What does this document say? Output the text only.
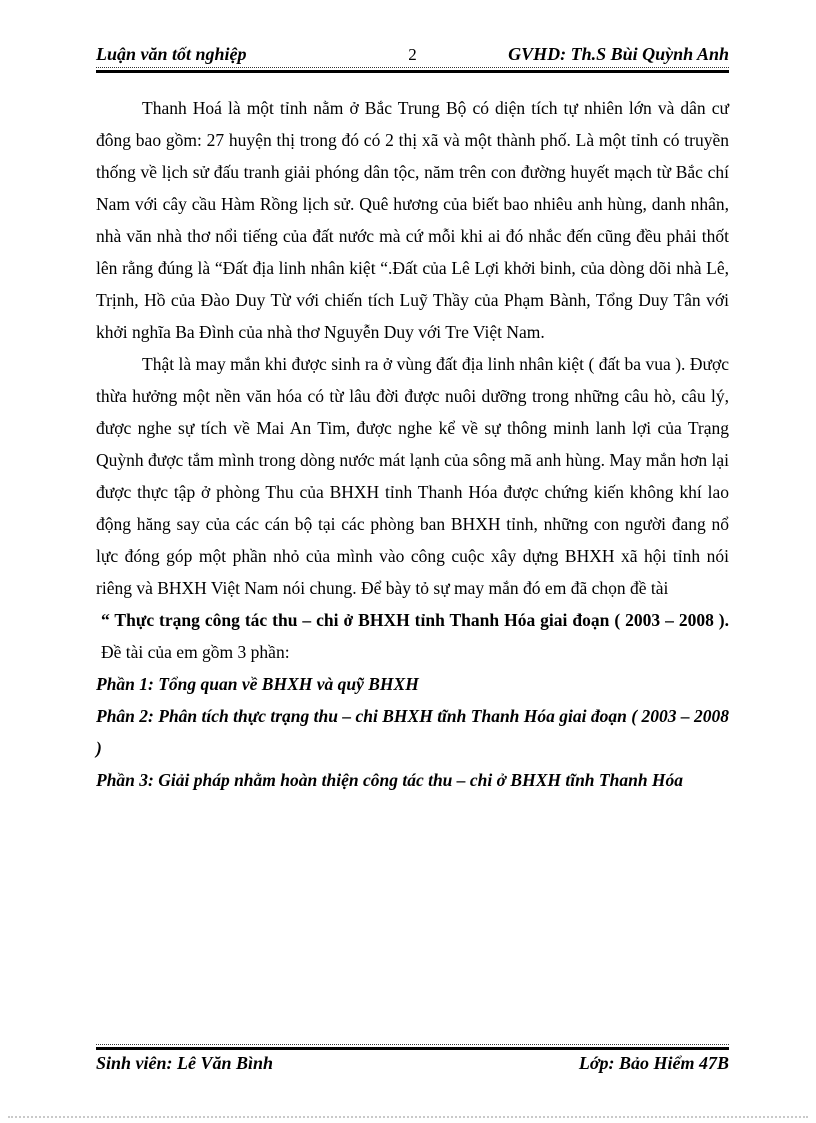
Luận văn tốt nghiệp	2	GVHD: Th.S Bùi Quỳnh Anh

Thanh Hoá là một tỉnh nằm ở Bắc Trung Bộ có diện tích tự nhiên lớn và dân cư đông bao gồm: 27 huyện thị trong đó có 2 thị xã và một thành phố. Là một tỉnh có truyền thống về lịch sử đấu tranh giải phóng dân tộc, năm trên con đường huyết mạch từ Bắc chí Nam với cây cầu Hàm Rồng lịch sử. Quê hương của biết bao nhiêu anh hùng, danh nhân, nhà văn nhà thơ nổi tiếng của đất nước mà cứ mỗi khi ai đó nhắc đến cũng đều phải thốt lên rằng đúng là “Đất địa linh nhân kiệt “.Đất của Lê Lợi khởi binh, của dòng dõi nhà Lê, Trịnh, Hồ của Đào Duy Từ với chiến tích Luỹ Thầy của Phạm Bành, Tổng Duy Tân với khởi nghĩa Ba Đình của nhà thơ Nguyễn Duy với Tre Việt Nam.

Thật là may mắn khi được sinh ra ở vùng đất địa linh nhân kiệt ( đất ba vua ). Được thừa hưởng một nền văn hóa có từ lâu đời được nuôi dưỡng trong những câu hò, câu lý, được nghe sự tích về Mai An Tim, được nghe kể về sự thông minh lanh lợi của Trạng Quỳnh được tắm mình trong dòng nước mát lạnh của sông mã anh hùng. May mắn hơn lại được thực tập ở phòng Thu của BHXH tỉnh Thanh Hóa được chứng kiến không khí lao động hăng say của các cán bộ tại các phòng ban BHXH tỉnh, những con người đang nổ lực đóng góp một phần nhỏ của mình vào công cuộc xây dựng BHXH xã hội tỉnh nói riêng và BHXH Việt Nam nói chung. Để bày tỏ sự may mắn đó em đã chọn đề tài

“ Thực trạng công tác thu – chi ở BHXH tỉnh Thanh Hóa giai đoạn ( 2003 – 2008 ). Đề tài của em gồm 3 phần:

Phần 1: Tổng quan về BHXH và quỹ BHXH

Phân 2: Phân tích thực trạng thu – chi BHXH tĩnh Thanh Hóa giai đoạn ( 2003 – 2008 )

Phần 3: Giải pháp nhằm hoàn thiện công tác thu – chi ở BHXH tĩnh Thanh Hóa

Sinh viên: Lê Văn Bình	Lớp: Bảo Hiểm 47B
